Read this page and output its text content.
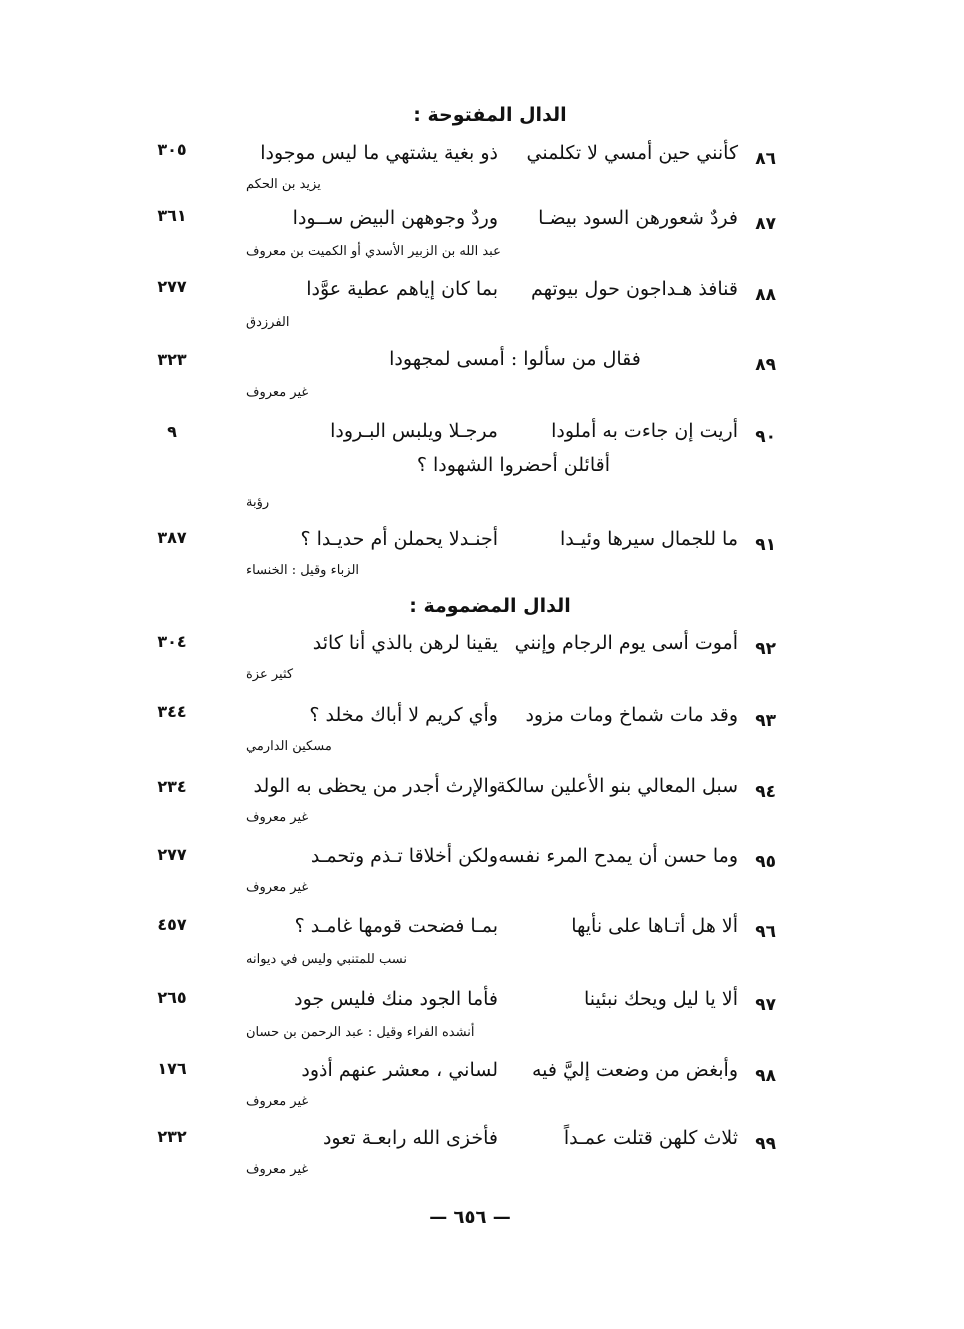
الدال المفتوحة :
٨٦
كأنني حين أمسي لا تكلمني
ذو بغية يشتهي ما ليس موجودا
٣٠٥
يزيد بن الحكم
٨٧
فردٌ شعورهن السود بيضـا
وردٌ وجوههن البيض ســودا
٣٦١
عبد الله بن الزبير الأسدي أو الكميت بن معروف
٨٨
قنافذ هـداجون حول بيوتهم
بما كان إياهم عطية عوَّدا
٢٧٧
الفرزدق
٨٩
فقال من سألوا : أمسى لمجهودا
٣٢٣
غير معروف
٩٠
أريت إن جاءت به أملودا
مرجـلا ويلبس البـرودا
أقائلن أحضروا الشهودا ؟
٩
رؤبة
٩١
ما للجمال سيرها وئيـدا
أجنـدلا يحملن أم حديـدا ؟
٣٨٧
الزباء وقيل : الخنساء
الدال المضمومة :
٩٢
أموت أسى يوم الرجام وإنني
يقينا لرهن بالذي أنا كائد
٣٠٤
كثير عزة
٩٣
وقد مات شماخ ومات مزود
وأي كريم لا أباك مخلد ؟
٣٤٤
مسكين الدارمي
٩٤
سبل المعالي بنو الأعلين سالكة
والإرث أجدر من يحظى به الولد
٢٣٤
غير معروف
٩٥
وما حسن أن يمدح المرء نفسه
ولكن أخلاقا تـذم وتحمـد
٢٧٧
غير معروف
٩٦
ألا هل أتـاها على نأيها
بمـا فضحت قومها غامـد ؟
٤٥٧
نسب للمتنبي وليس في ديوانه
٩٧
ألا يا ليل ويحك نبئينا
فأما الجود منك فليس جود
٢٦٥
أنشده الفراء وقيل : عبد الرحمن بن حسان
٩٨
وأبغض من وضعت إليَّ فيه
لساني ، معشر عنهم أذود
١٧٦
غير معروف
٩٩
ثلاث كلهن قتلت عمـداً
فأخزى الله رابعـة تعود
٢٣٢
غير معروف
— ٦٥٦ —
